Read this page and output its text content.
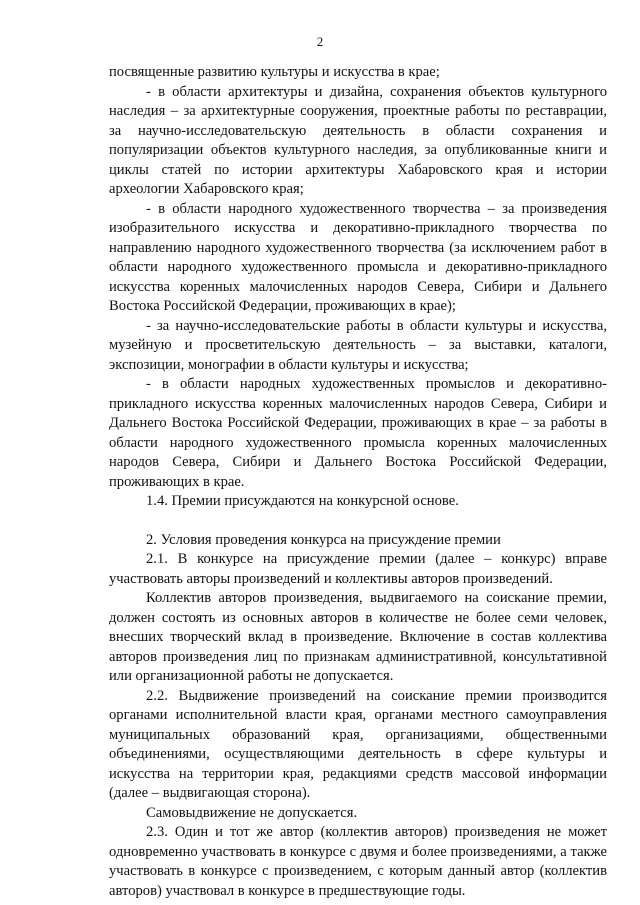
2

посвященные развитию культуры и искусства в крае;

- в области архитектуры и дизайна, сохранения объектов культурного наследия – за архитектурные сооружения, проектные работы по реставрации, за научно-исследовательскую деятельность в области сохранения и популяризации объектов культурного наследия, за опубликованные книги и циклы статей по истории архитектуры Хабаровского края и истории археологии Хабаровского края;

- в области народного художественного творчества – за произведения изобразительного искусства и декоративно-прикладного творчества по направлению народного художественного творчества (за исключением работ в области народного художественного промысла и декоративно-прикладного искусства коренных малочисленных народов Севера, Сибири и Дальнего Востока Российской Федерации, проживающих в крае);

- за научно-исследовательские работы в области культуры и искусства, музейную и просветительскую деятельность – за выставки, каталоги, экспозиции, монографии в области культуры и искусства;

- в области народных художественных промыслов и декоративно-прикладного искусства коренных малочисленных народов Севера, Сибири и Дальнего Востока Российской Федерации, проживающих в крае – за работы в области народного художественного промысла коренных малочисленных народов Севера, Сибири и Дальнего Востока Российской Федерации, проживающих в крае.

1.4. Премии присуждаются на конкурсной основе.

2. Условия проведения конкурса на присуждение премии

2.1. В конкурсе на присуждение премии (далее – конкурс) вправе участвовать авторы произведений и коллективы авторов произведений.

Коллектив авторов произведения, выдвигаемого на соискание премии, должен состоять из основных авторов в количестве не более семи человек, внесших творческий вклад в произведение. Включение в состав коллектива авторов произведения лиц по признакам административной, консультативной или организационной работы не допускается.

2.2. Выдвижение произведений на соискание премии производится органами исполнительной власти края, органами местного самоуправления муниципальных образований края, организациями, общественными объединениями, осуществляющими деятельность в сфере культуры и искусства на территории края, редакциями средств массовой информации (далее – выдвигающая сторона).

Самовыдвижение не допускается.

2.3. Один и тот же автор (коллектив авторов) произведения не может одновременно участвовать в конкурсе с двумя и более произведениями, а также участвовать в конкурсе с произведением, с которым данный автор (коллектив авторов) участвовал в конкурсе в предшествующие годы.
